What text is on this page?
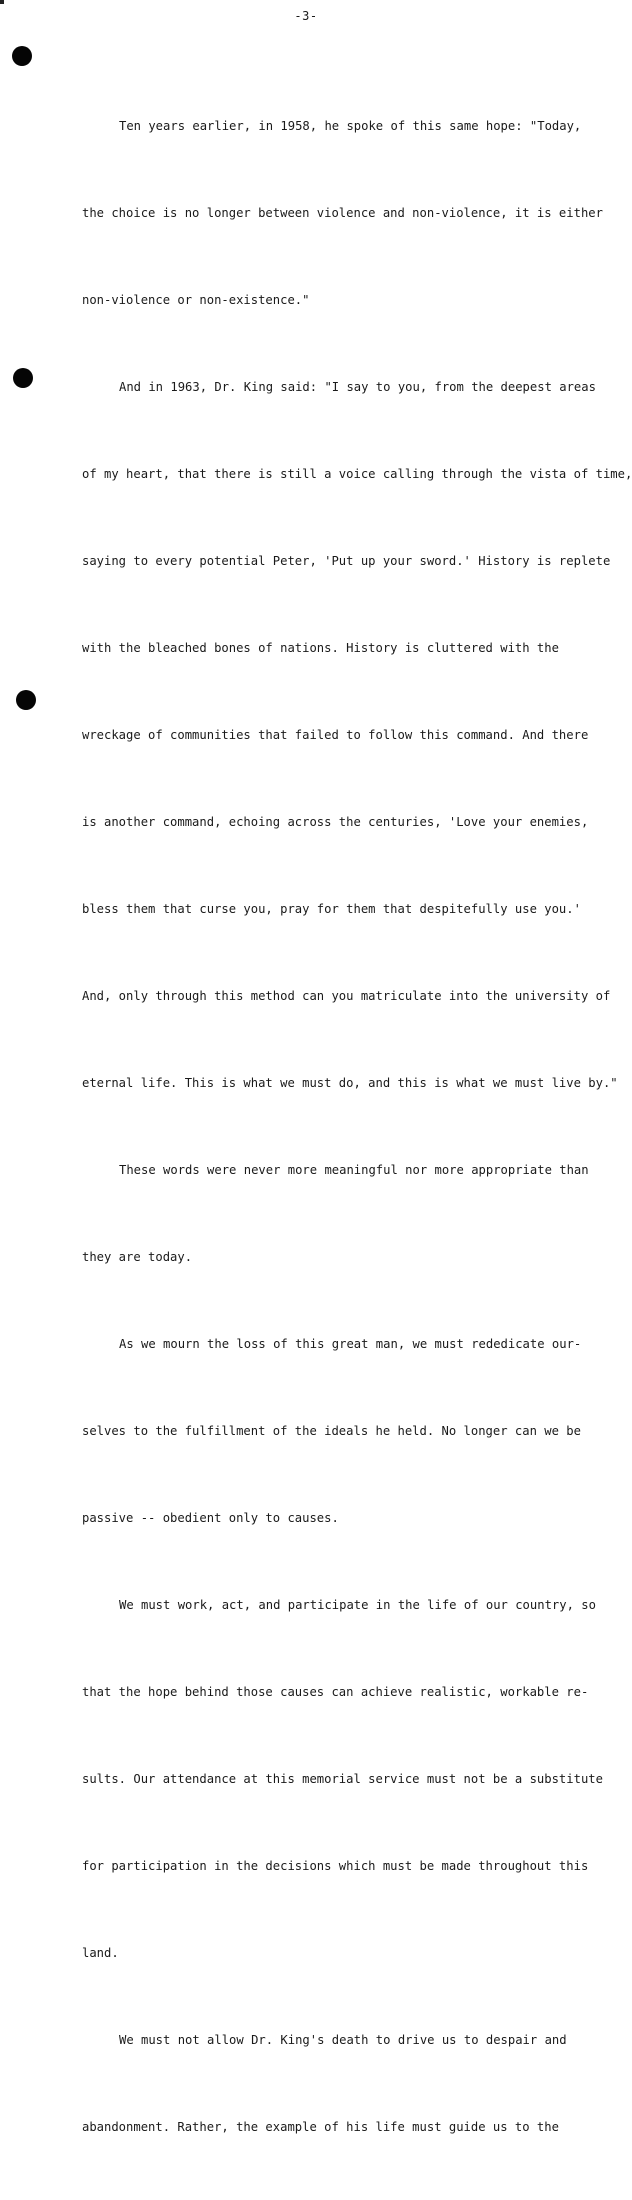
-3-

Ten years earlier, in 1958, he spoke of this same hope: "Today,

the choice is no longer between violence and non-violence, it is either

non-violence or non-existence."

And in 1963, Dr. King said: "I say to you, from the deepest areas

of my heart, that there is still a voice calling through the vista of time,

saying to every potential Peter, 'Put up your sword.' History is replete

with the bleached bones of nations. History is cluttered with the

wreckage of communities that failed to follow this command. And there

is another command, echoing across the centuries, 'Love your enemies,

bless them that curse you, pray for them that despitefully use you.'

And, only through this method can you matriculate into the university of

eternal life. This is what we must do, and this is what we must live by."

These words were never more meaningful nor more appropriate than

they are today.

As we mourn the loss of this great man, we must rededicate our-

selves to the fulfillment of the ideals he held. No longer can we be

passive -- obedient only to causes.

We must work, act, and participate in the life of our country, so

that the hope behind those causes can achieve realistic, workable re-

sults. Our attendance at this memorial service must not be a substitute

for participation in the decisions which must be made throughout this

land.

We must not allow Dr. King's death to drive us to despair and

abandonment. Rather, the example of his life must guide us to the
